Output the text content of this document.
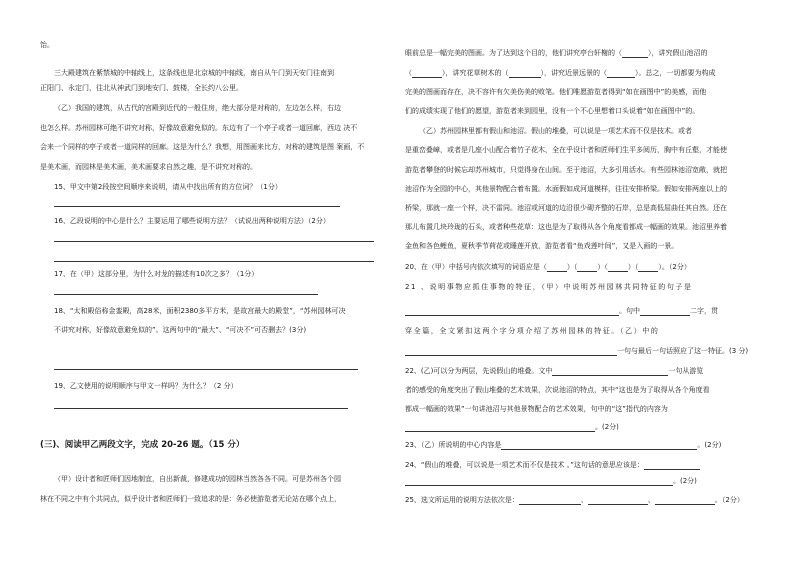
饴。
三大殿建筑在紫禁城的中轴线上，这条线也是北京城的中轴线，南自从午门到天安门往南到
正阳门、永定门，往北从神武门到地安门、鼓楼，全长约八公里。
（乙）我国的建筑，从古代的宫殿到近代的一般住房，绝大部分是对称的，左边怎么样，右边
也怎么样。苏州园林可绝不讲究对称，好像故意避免似的。东边有了一个亭子或者一道回廊，西边 决不
会来一个同样的亭子或者一道同样的回廊。这是为什么？我想，用图画来比方，对称的建筑是图 案画，不
是美术画，而园林是美术画，美术画要求自然之趣，是不讲究对称的。
15、甲文中第2段按空间顺序来说明，请从中找出所有的方位词？（1分）
16、乙段说明的中心是什么？主要运用了哪些说明方法？（试说出两种说明方法）（2分）
17、在（甲）这部分里，为什么对龙的描述有10次之多？（1分）
18、“太和殿俗称金銮殿，高28米，面积2380多平方米，是故宫最大的殿堂”，“苏州园林可决
不讲究对称，好像故意避免似的”。这两句中的“最大”、“可决不”可否删去？(3分)
19、乙文使用的说明顺序与甲文一样吗？为什么？（2 分）
(三)、阅读甲乙两段文字，完成 20-26 题。（15 分）
（甲）设计者和匠师们因地制宜，自出新裁，修建成功的园林当然各各不同。可是苏州各个园
林在不同之中有个共同点，似乎设计者和匠师们一致追求的是：务必使游览者无论站在哪个点上，
眼前总是一幅完美的图画。为了达到这个目的，他们讲究亭台轩榭的（	），讲究假山池沼的
（	），讲究花草树木的（	），讲究近景远景的（	）。总之，一切都要为构成
完美的图画而存在，决不容许有欠美伤美的败笔。他们唯愿游览者得到“如在画图中”的美感，而他
们的成绩实现了他们的愿望，游览者来到园里，没有一个不心里想着口头说着“如在画图中”的。
（乙）苏州园林里都有假山和池沼。假山的堆叠，可以说是一项艺术而不仅是技术。或者
是重峦叠嶂，或者是几座小山配合着竹子花木，全在乎设计者和匠师们生平多阅历，胸中有丘壑，才能使
游览者攀登的时候忘却苏州城市，只觉得身在山间。至于池沼，大多引用活水。有些园林池沼宽敞，就把
池沼作为全园的中心，其他景物配合着布置。水面假如成河道模样，往往安排桥梁。假如安排两座以上的
桥梁，那就一座一个样，决不雷同。池沼或河道的边沿很少砌齐整的石岸，总是高低屈曲任其自然。还在
那儿布置几块玲珑的石头，或者种些花草：这也是为了取得从各个角度看都成一幅画的效果。池沼里养着
金鱼和各色鲤鱼，夏秋季节荷花或睡莲开放，游览者看“鱼戏莲叶间”，又是入画的一景。
20、在（甲）中括号内依次填写的词语应是（	）（	）（	）（	）。（2分）
21 、说明事物应抓住事物的特征，（甲）中说明苏州园林共同特征的句子是
。句中	二字，贯
穿全篇，全文紧扣这两个字分项介绍了苏州园林的特征。（乙）中的
一句与最后一句话照应了这一特征。(3 分)
22、(乙)可以分为两层，先说假山的堆叠。文中	一句从游览
者的感受的角度突出了假山堆叠的艺术效果，次说池沼的特点，其中“这也是为了取得从各个角度看
都成一幅画的效果”一句讲池沼与其他景物配合的艺术效果，句中的“这”指代的内容为
。(2分)
23、（乙）所说明的中心内容是	。(2分)
24、“假山的堆叠，可以说是一项艺术而不仅是技术 。”这句话的意思应该是：
。(2分)
25、选文所运用的说明方法依次是：	、	、	。（2分）
